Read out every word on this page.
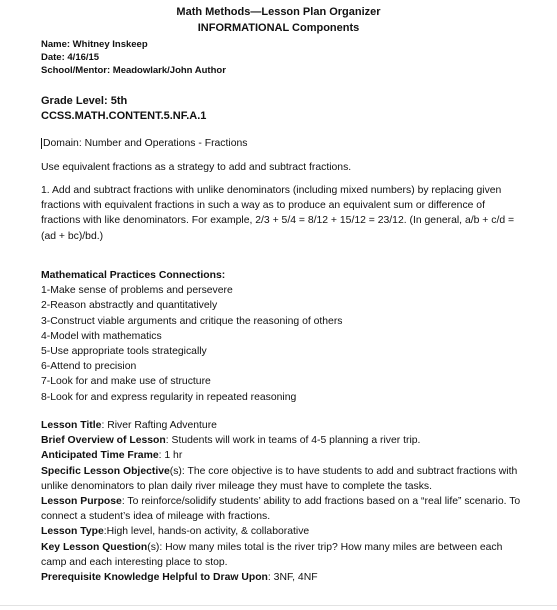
Math Methods—Lesson Plan Organizer
INFORMATIONAL Components
Name: Whitney Inskeep
Date: 4/16/15
School/Mentor: Meadowlark/John Author
Grade Level: 5th
CCSS.MATH.CONTENT.5.NF.A.1
Domain: Number and Operations - Fractions
Use equivalent fractions as a strategy to add and subtract fractions.
1. Add and subtract fractions with unlike denominators (including mixed numbers) by replacing given fractions with equivalent fractions in such a way as to produce an equivalent sum or difference of fractions with like denominators. For example, 2/3 + 5/4 = 8/12 + 15/12 = 23/12. (In general, a/b + c/d = (ad + bc)/bd.)
Mathematical Practices Connections:
1-Make sense of problems and persevere
2-Reason abstractly and quantitatively
3-Construct viable arguments and critique the reasoning of others
4-Model with mathematics
5-Use appropriate tools strategically
6-Attend to precision
7-Look for and make use of structure
8-Look for and express regularity in repeated reasoning
Lesson Title: River Rafting Adventure
Brief Overview of Lesson: Students will work in teams of 4-5 planning a river trip.
Anticipated Time Frame: 1 hr
Specific Lesson Objective(s): The core objective is to have students to add and subtract fractions with unlike denominators to plan daily river mileage they must have to complete the tasks.
Lesson Purpose: To reinforce/solidify students’ ability to add fractions based on a “real life” scenario. To connect a student’s idea of mileage with fractions.
Lesson Type:High level, hands-on activity, & collaborative
Key Lesson Question(s): How many miles total is the river trip? How many miles are between each camp and each interesting place to stop.
Prerequisite Knowledge Helpful to Draw Upon: 3NF, 4NF
